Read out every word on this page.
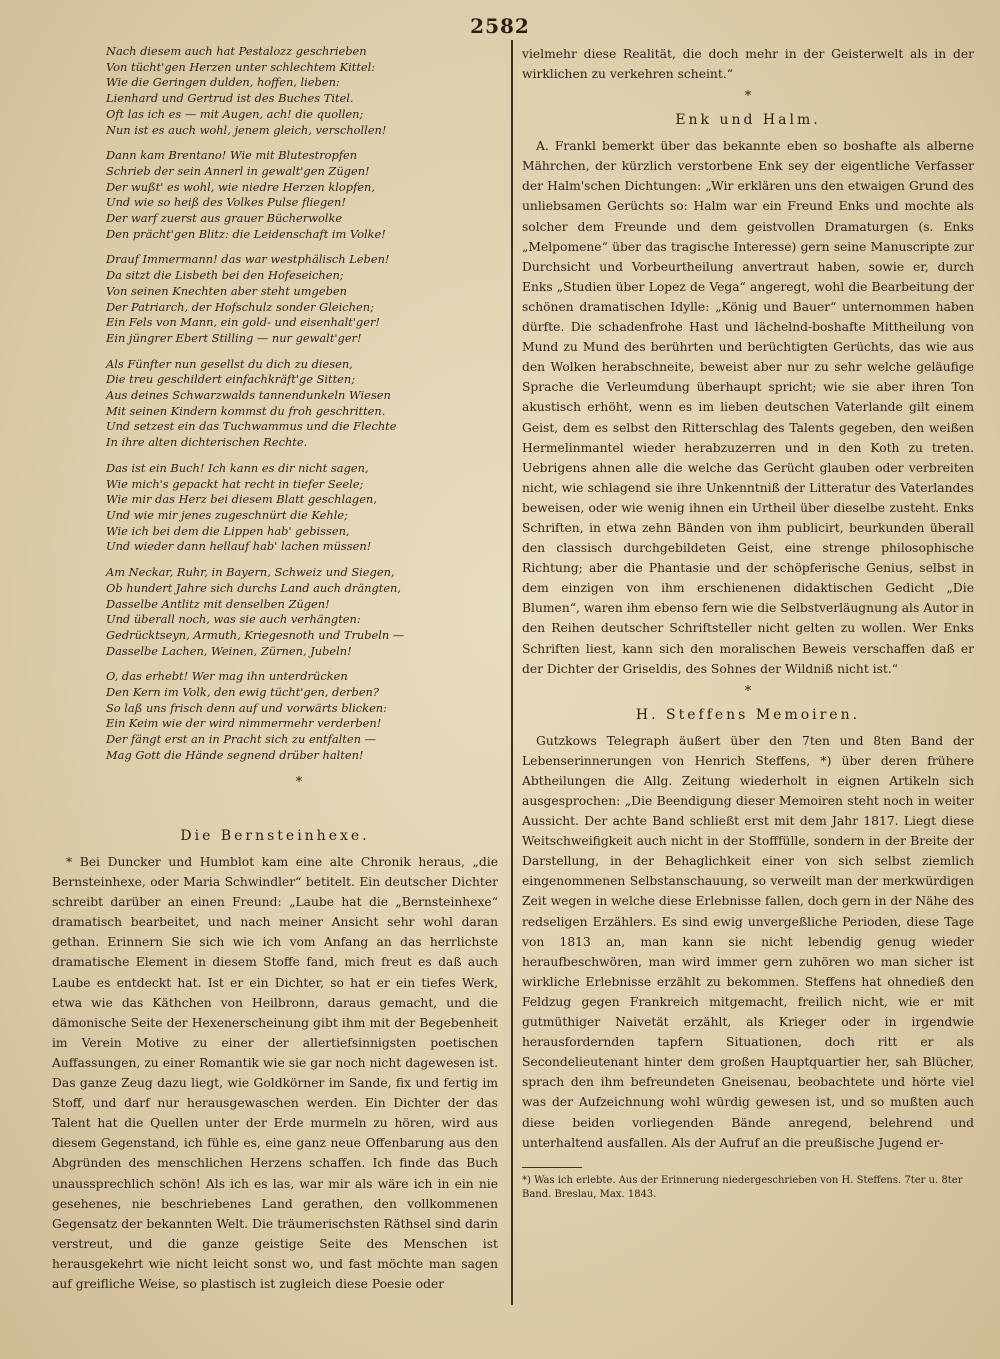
2582
Nach diesem auch hat Pestalozz geschrieben
Von tücht'gen Herzen unter schlechtem Kittel:
Wie die Geringen dulden, hoffen, lieben:
Lienhard und Gertrud ist des Buches Titel.
Oft las ich es — mit Augen, ach! die quollen;
Nun ist es auch wohl, jenem gleich, verschollen!
Dann kam Brentano! Wie mit Blutestropfen
Schrieb der sein Annerl in gewalt'gen Zügen!
Der wußt' es wohl, wie niedre Herzen klopfen,
Und wie so heiß des Volkes Pulse fliegen!
Der warf zuerst aus grauer Bücherwolke
Den prächt'gen Blitz: die Leidenschaft im Volke!
Drauf Immermann! das war westphälisch Leben!
Da sitzt die Lisbeth bei den Hofeseichen;
Von seinen Knechten aber steht umgeben
Der Patriarch, der Hofschulz sonder Gleichen;
Ein Fels von Mann, ein gold- und eisenhalt'ger!
Ein jüngrer Ebert Stilling — nur gewalt'ger!
Als Fünfter nun gesellst du dich zu diesen,
Die treu geschildert einfachkräft'ge Sitten;
Aus deines Schwarzwalds tannendunkeln Wiesen
Mit seinen Kindern kommst du froh geschritten.
Und setzest ein das Tuchwammus und die Flechte
In ihre alten dichterischen Rechte.
Das ist ein Buch! Ich kann es dir nicht sagen,
Wie mich's gepackt hat recht in tiefer Seele;
Wie mir das Herz bei diesem Blatt geschlagen,
Und wie mir jenes zugeschnürt die Kehle;
Wie ich bei dem die Lippen hab' gebissen,
Und wieder dann hellauf hab' lachen müssen!
Am Neckar, Ruhr, in Bayern, Schweiz und Siegen,
Ob hundert Jahre sich durchs Land auch drängten,
Dasselbe Antlitz mit denselben Zügen!
Und überall noch, was sie auch verhängten:
Gedrücktseyn, Armuth, Kriegesnoth und Trubeln —
Dasselbe Lachen, Weinen, Zürnen, Jubeln!
O, das erhebt! Wer mag ihn unterdrücken
Den Kern im Volk, den ewig tücht'gen, derben?
So laß uns frisch denn auf und vorwärts blicken:
Ein Keim wie der wird nimmermehr verderben!
Der fängt erst an in Pracht sich zu entfalten —
Mag Gott die Hände segnend drüber halten!
*
Die Bernsteinhexe.

* Bei Duncker und Humblot kam eine alte Chronik heraus, „die Bernsteinhexe, oder Maria Schwindler“ betitelt. Ein deutscher Dichter schreibt darüber an einen Freund: „Laube hat die „Bernsteinhexe“ dramatisch bearbeitet, und nach meiner Ansicht sehr wohl daran gethan. Erinnern Sie sich wie ich vom Anfang an das herrlichste dramatische Element in diesem Stoffe fand, mich freut es daß auch Laube es entdeckt hat. Ist er ein Dichter, so hat er ein tiefes Werk, etwa wie das Käthchen von Heilbronn, daraus gemacht, und die dämonische Seite der Hexenerscheinung gibt ihm mit der Begebenheit im Verein Motive zu einer der allertiefsinnigsten poetischen Auffassungen, zu einer Romantik wie sie gar noch nicht dagewesen ist. Das ganze Zeug dazu liegt, wie Goldkörner im Sande, fix und fertig im Stoff, und darf nur herausgewaschen werden. Ein Dichter der das Talent hat die Quellen unter der Erde murmeln zu hören, wird aus diesem Gegenstand, ich fühle es, eine ganz neue Offenbarung aus den Abgründen des menschlichen Herzens schaffen. Ich finde das Buch unaussprechlich schön! Als ich es las, war mir als wäre ich in ein nie gesehenes, nie beschriebenes Land gerathen, den vollkommenen Gegensatz der bekannten Welt. Die träumerischsten Räthsel sind darin verstreut, und die ganze geistige Seite des Menschen ist herausgekehrt wie nicht leicht sonst wo, und fast möchte man sagen auf greifliche Weise, so plastisch ist zugleich diese Poesie oder

vielmehr diese Realität, die doch mehr in der Geisterwelt als in der wirklichen zu verkehren scheint.“

*
Enk und Halm.

A. Frankl bemerkt über das bekannte eben so boshafte als alberne Mährchen, der kürzlich verstorbene Enk sey der eigentliche Verfasser der Halm'schen Dichtungen: „Wir erklären uns den etwaigen Grund des unliebsamen Gerüchts so: Halm war ein Freund Enks und mochte als solcher dem Freunde und dem geistvollen Dramaturgen (s. Enks „Melpomene“ über das tragische Interesse) gern seine Manuscripte zur Durchsicht und Vorbeurtheilung anvertraut haben, sowie er, durch Enks „Studien über Lopez de Vega“ angeregt, wohl die Bearbeitung der schönen dramatischen Idylle: „König und Bauer“ unternommen haben dürfte. Die schadenfrohe Hast und lächelnd-boshafte Mittheilung von Mund zu Mund des berührten und berüchtigten Gerüchts, das wie aus den Wolken herabschneite, beweist aber nur zu sehr welche geläufige Sprache die Verleumdung überhaupt spricht; wie sie aber ihren Ton akustisch erhöht, wenn es im lieben deutschen Vaterlande gilt einem Geist, dem es selbst den Ritterschlag des Talents gegeben, den weißen Hermelinmantel wieder herabzuzerren und in den Koth zu treten. Uebrigens ahnen alle die welche das Gerücht glauben oder verbreiten nicht, wie schlagend sie ihre Unkenntniß der Litteratur des Vaterlandes beweisen, oder wie wenig ihnen ein Urtheil über dieselbe zusteht. Enks Schriften, in etwa zehn Bänden von ihm publicirt, beurkunden überall den classisch durchgebildeten Geist, eine strenge philosophische Richtung; aber die Phantasie und der schöpferische Genius, selbst in dem einzigen von ihm erschienenen didaktischen Gedicht „Die Blumen“, waren ihm ebenso fern wie die Selbstverläugnung als Autor in den Reihen deutscher Schriftsteller nicht gelten zu wollen. Wer Enks Schriften liest, kann sich den moralischen Beweis verschaffen daß er der Dichter der Griseldis, des Sohnes der Wildniß nicht ist.“

*
H. Steffens Memoiren.

Gutzkows Telegraph äußert über den 7ten und 8ten Band der Lebenserinnerungen von Henrich Steffens, *) über deren frühere Abtheilungen die Allg. Zeitung wiederholt in eignen Artikeln sich ausgesprochen: „Die Beendigung dieser Memoiren steht noch in weiter Aussicht. Der achte Band schließt erst mit dem Jahr 1817. Liegt diese Weitschweifigkeit auch nicht in der Stofffülle, sondern in der Breite der Darstellung, in der Behaglichkeit einer von sich selbst ziemlich eingenommenen Selbstanschauung, so verweilt man der merkwürdigen Zeit wegen in welche diese Erlebnisse fallen, doch gern in der Nähe des redseligen Erzählers. Es sind ewig unvergeßliche Perioden, diese Tage von 1813 an, man kann sie nicht lebendig genug wieder heraufbeschwören, man wird immer gern zuhören wo man sicher ist wirkliche Erlebnisse erzählt zu bekommen. Steffens hat ohnedieß den Feldzug gegen Frankreich mitgemacht, freilich nicht, wie er mit gutmüthiger Naivetät erzählt, als Krieger oder in irgendwie herausfordernden tapfern Situationen, doch ritt er als Secondelieutenant hinter dem großen Hauptquartier her, sah Blücher, sprach den ihm befreundeten Gneisenau, beobachtete und hörte viel was der Aufzeichnung wohl würdig gewesen ist, und so mußten auch diese beiden vorliegenden Bände anregend, belehrend und unterhaltend ausfallen. Als der Aufruf an die preußische Jugend er-

*) Was ich erlebte. Aus der Erinnerung niedergeschrieben von H. Steffens. 7ter u. 8ter Band. Breslau, Max. 1843.
